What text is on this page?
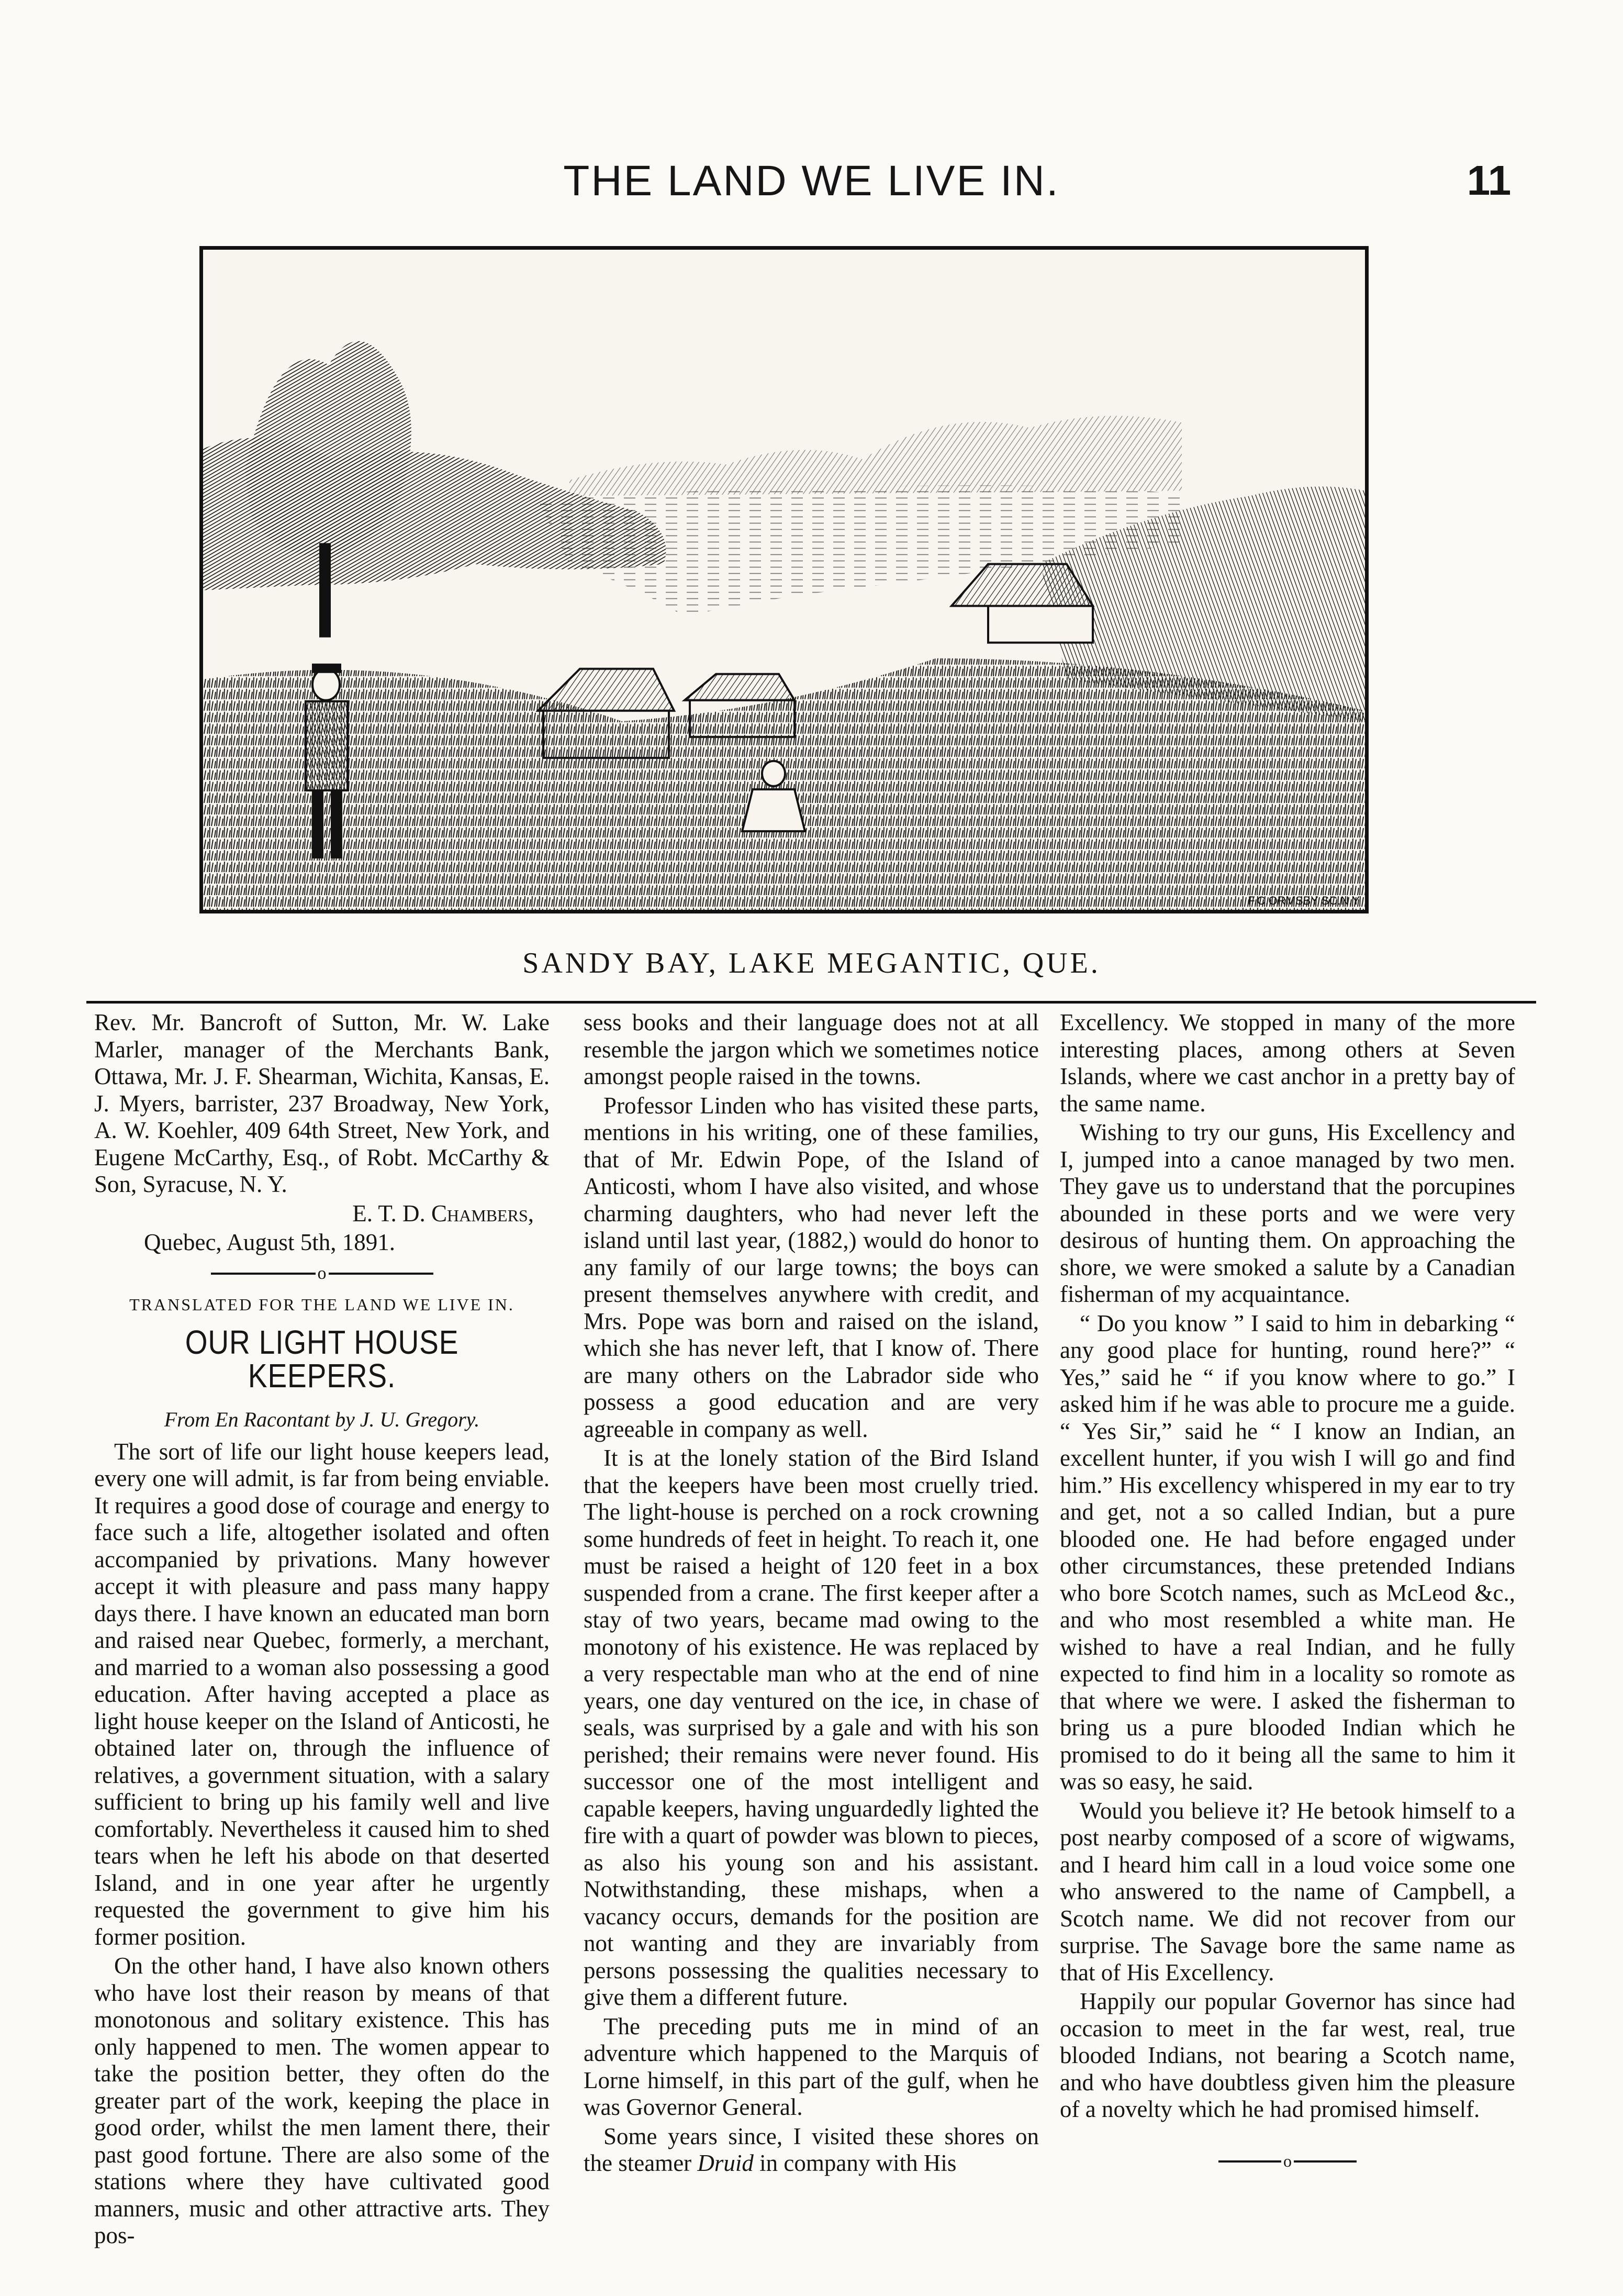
THE LAND WE LIVE IN.	11
F.C.ORMSBY SC.N.Y
SANDY BAY, LAKE MEGANTIC, QUE.

Rev. Mr. Bancroft of Sutton, Mr. W. Lake Marler, manager of the Merchants Bank, Ottawa, Mr. J. F. Shearman, Wichita, Kansas, E. J. Myers, barrister, 237 Broadway, New York, A. W. Koehler, 409 64th Street, New York, and Eugene McCarthy, Esq., of Robt. McCarthy & Son, Syracuse, N. Y.

E. T. D. Chambers,

Quebec, August 5th, 1891.

o

TRANSLATED FOR THE LAND WE LIVE IN.

OUR LIGHT HOUSE KEEPERS.

From En Racontant by J. U. Gregory.

The sort of life our light house keepers lead, every one will admit, is far from being enviable. It requires a good dose of courage and energy to face such a life, altogether isolated and often accompanied by privations. Many however accept it with pleasure and pass many happy days there. I have known an educated man born and raised near Quebec, formerly, a merchant, and married to a woman also possessing a good education. After having accepted a place as light house keeper on the Island of Anticosti, he obtained later on, through the influence of relatives, a government situation, with a salary sufficient to bring up his family well and live comfortably. Nevertheless it caused him to shed tears when he left his abode on that deserted Island, and in one year after he urgently requested the government to give him his former position.

On the other hand, I have also known others who have lost their reason by means of that monotonous and solitary existence. This has only happened to men. The women appear to take the position better, they often do the greater part of the work, keeping the place in good order, whilst the men lament there, their past good fortune. There are also some of the stations where they have cultivated good manners, music and other attractive arts. They pos-

sess books and their language does not at all resemble the jargon which we sometimes notice amongst people raised in the towns.

Professor Linden who has visited these parts, mentions in his writing, one of these families, that of Mr. Edwin Pope, of the Island of Anticosti, whom I have also visited, and whose charming daughters, who had never left the island until last year, (1882,) would do honor to any family of our large towns; the boys can present themselves anywhere with credit, and Mrs. Pope was born and raised on the island, which she has never left, that I know of. There are many others on the Labrador side who possess a good education and are very agreeable in company as well.

It is at the lonely station of the Bird Island that the keepers have been most cruelly tried. The light-house is perched on a rock crowning some hundreds of feet in height. To reach it, one must be raised a height of 120 feet in a box suspended from a crane. The first keeper after a stay of two years, became mad owing to the monotony of his existence. He was replaced by a very respectable man who at the end of nine years, one day ventured on the ice, in chase of seals, was surprised by a gale and with his son perished; their remains were never found. His successor one of the most intelligent and capable keepers, having unguardedly lighted the fire with a quart of powder was blown to pieces, as also his young son and his assistant. Notwithstanding, these mishaps, when a vacancy occurs, demands for the position are not wanting and they are invariably from persons possessing the qualities necessary to give them a different future.

The preceding puts me in mind of an adventure which happened to the Marquis of Lorne himself, in this part of the gulf, when he was Governor General.

Some years since, I visited these shores on the steamer Druid in company with His

Excellency. We stopped in many of the more interesting places, among others at Seven Islands, where we cast anchor in a pretty bay of the same name.

Wishing to try our guns, His Excellency and I, jumped into a canoe managed by two men. They gave us to understand that the porcupines abounded in these ports and we were very desirous of hunting them. On approaching the shore, we were smoked a salute by a Canadian fisherman of my acquaintance.

“ Do you know ” I said to him in debarking “ any good place for hunting, round here?” “ Yes,” said he “ if you know where to go.” I asked him if he was able to procure me a guide. “ Yes Sir,” said he “ I know an Indian, an excellent hunter, if you wish I will go and find him.” His excellency whispered in my ear to try and get, not a so called Indian, but a pure blooded one. He had before engaged under other circumstances, these pretended Indians who bore Scotch names, such as McLeod &c., and who most resembled a white man. He wished to have a real Indian, and he fully expected to find him in a locality so romote as that where we were. I asked the fisherman to bring us a pure blooded Indian which he promised to do it being all the same to him it was so easy, he said.

Would you believe it? He betook himself to a post nearby composed of a score of wigwams, and I heard him call in a loud voice some one who answered to the name of Campbell, a Scotch name. We did not recover from our surprise. The Savage bore the same name as that of His Excellency.

Happily our popular Governor has since had occasion to meet in the far west, real, true blooded Indians, not bearing a Scotch name, and who have doubtless given him the pleasure of a novelty which he had promised himself.

o
